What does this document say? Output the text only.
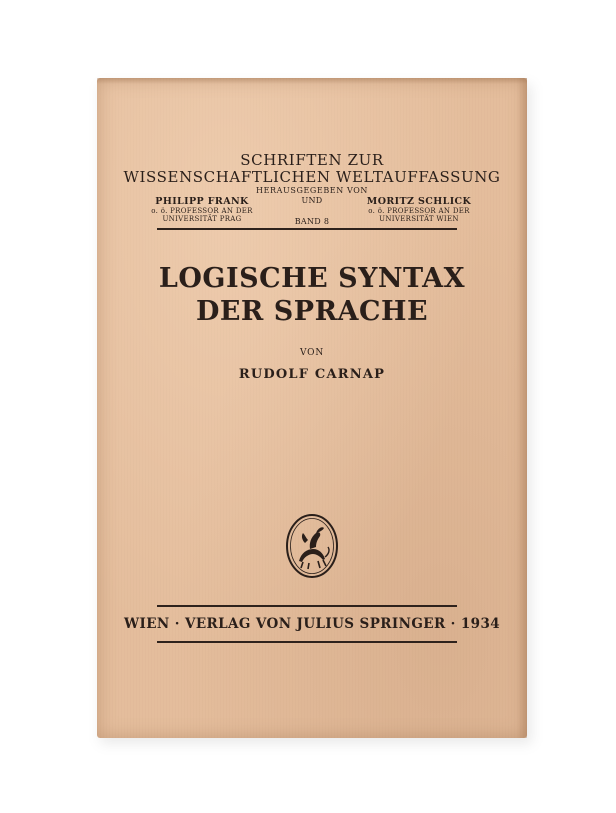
SCHRIFTEN ZUR
WISSENSCHAFTLICHEN WELTAUFFASSUNG
HERAUSGEGEBEN VON
PHILIPP FRANK
o. ö. PROFESSOR AN DER
UNIVERSITÄT PRAG
UND
BAND 8
MORITZ SCHLICK
o. ö. PROFESSOR AN DER
UNIVERSITÄT WIEN
LOGISCHE SYNTAX
DER SPRACHE
VON
RUDOLF CARNAP
WIEN · VERLAG VON JULIUS SPRINGER · 1934
